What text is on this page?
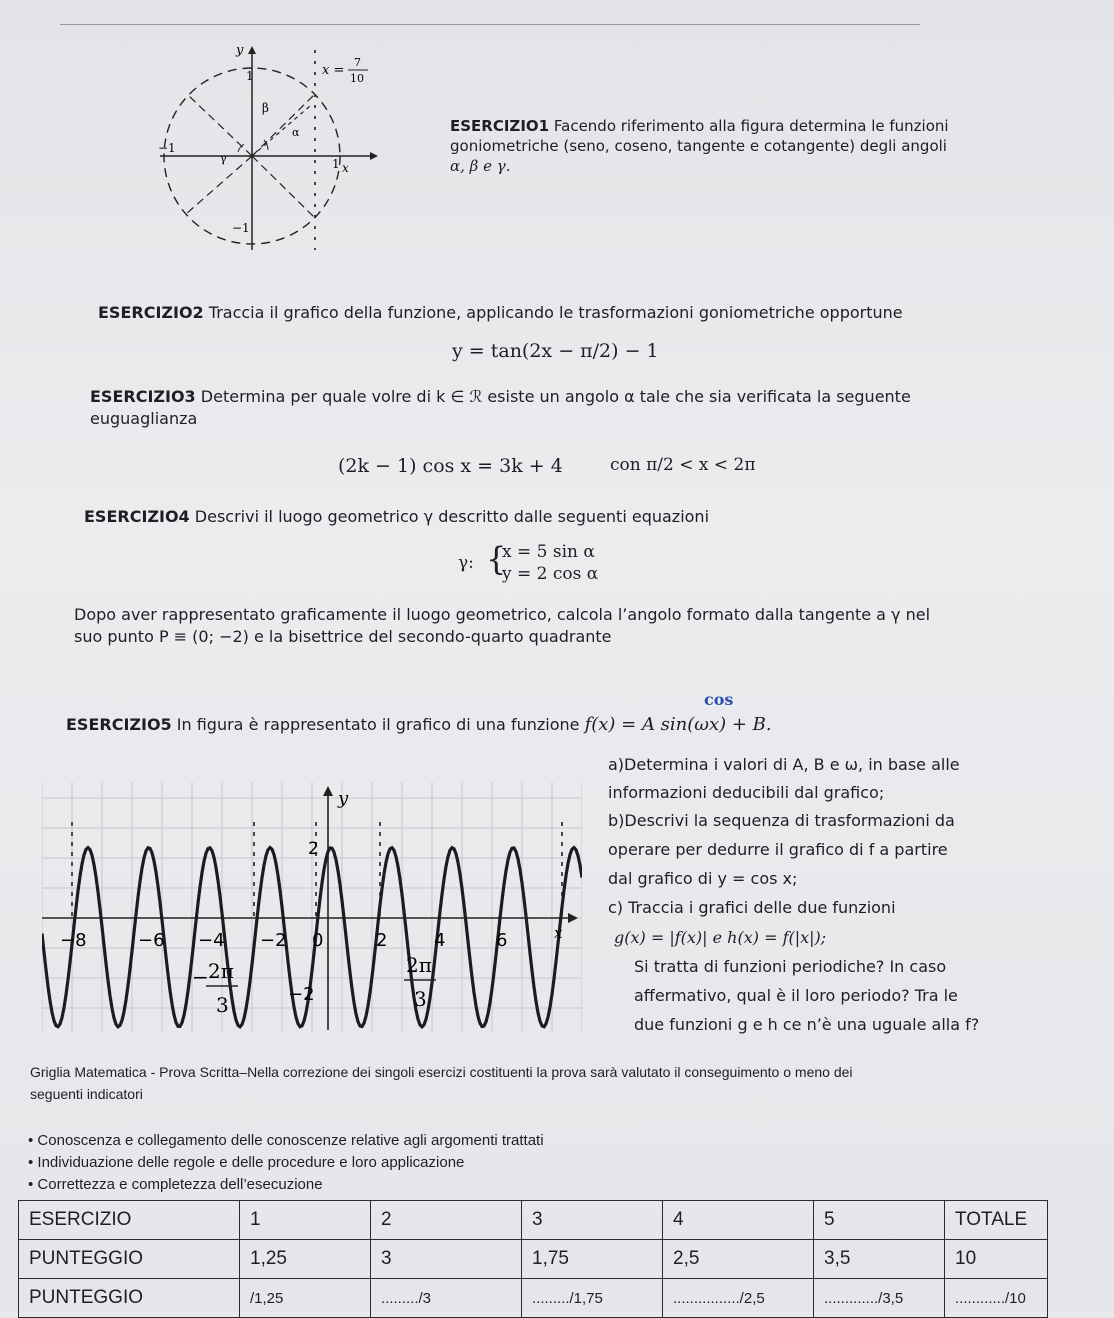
y
x
1
−1
1
−1
β
α
γ
x =
7
10
ESERCIZIO1 Facendo riferimento alla figura determina le funzioni
goniometriche (seno, coseno, tangente e cotangente) degli angoli
α, β e γ.
ESERCIZIO2 Traccia il grafico della funzione, applicando le trasformazioni goniometriche opportune
y = tan(2x − π/2) − 1
ESERCIZIO3 Determina per quale volre di k ∈ ℛ esiste un angolo α tale che sia verificata la seguente
euguaglianza
(2k − 1) cos x = 3k + 4	con π/2 < x < 2π
ESERCIZIO4 Descrivi il luogo geometrico γ descritto dalle seguenti equazioni
γ: {
x = 5 sin α
y = 2 cos α
Dopo aver rappresentato graficamente il luogo geometrico, calcola l’angolo formato dalla tangente a γ nel
suo punto P ≡ (0; −2) e la bisettrice del secondo-quarto quadrante
cos
ESERCIZIO5 In figura è rappresentato il grafico di una funzione f(x) = A sin(ωx) + B.
a)Determina i valori di A, B e ω, in base alle
informazioni deducibili dal grafico;
b)Descrivi la sequenza di trasformazioni da
operare per dedurre il grafico di f a partire
dal grafico di y = cos x;
c) Traccia i grafici delle due funzioni
g(x) = |f(x)| e h(x) = f(|x|);
Si tratta di funzioni periodiche? In caso
affermativo, qual è il loro periodo? Tra le
due funzioni g e h ce n’è una uguale alla f?
y
x
−8	−6 −4 −2 0	2	4	6
2
−2
− 2π
3
2π
3
Griglia Matematica - Prova Scritta–Nella correzione dei singoli esercizi costituenti la prova sarà valutato il conseguimento o meno dei
seguenti indicatori
• Conoscenza e collegamento delle conoscenze relative agli argomenti trattati
• Individuazione delle regole e delle procedure e loro applicazione
• Correttezza e completezza dell’esecuzione
ESERCIZIO	1	2	3	4	5	TOTALE
PUNTEGGIO	1,25	3	1,75	2,5	3,5	10
PUNTEGGIO	/1,25	........./3	........./1,75	................/2,5	............./3,5	............/10
